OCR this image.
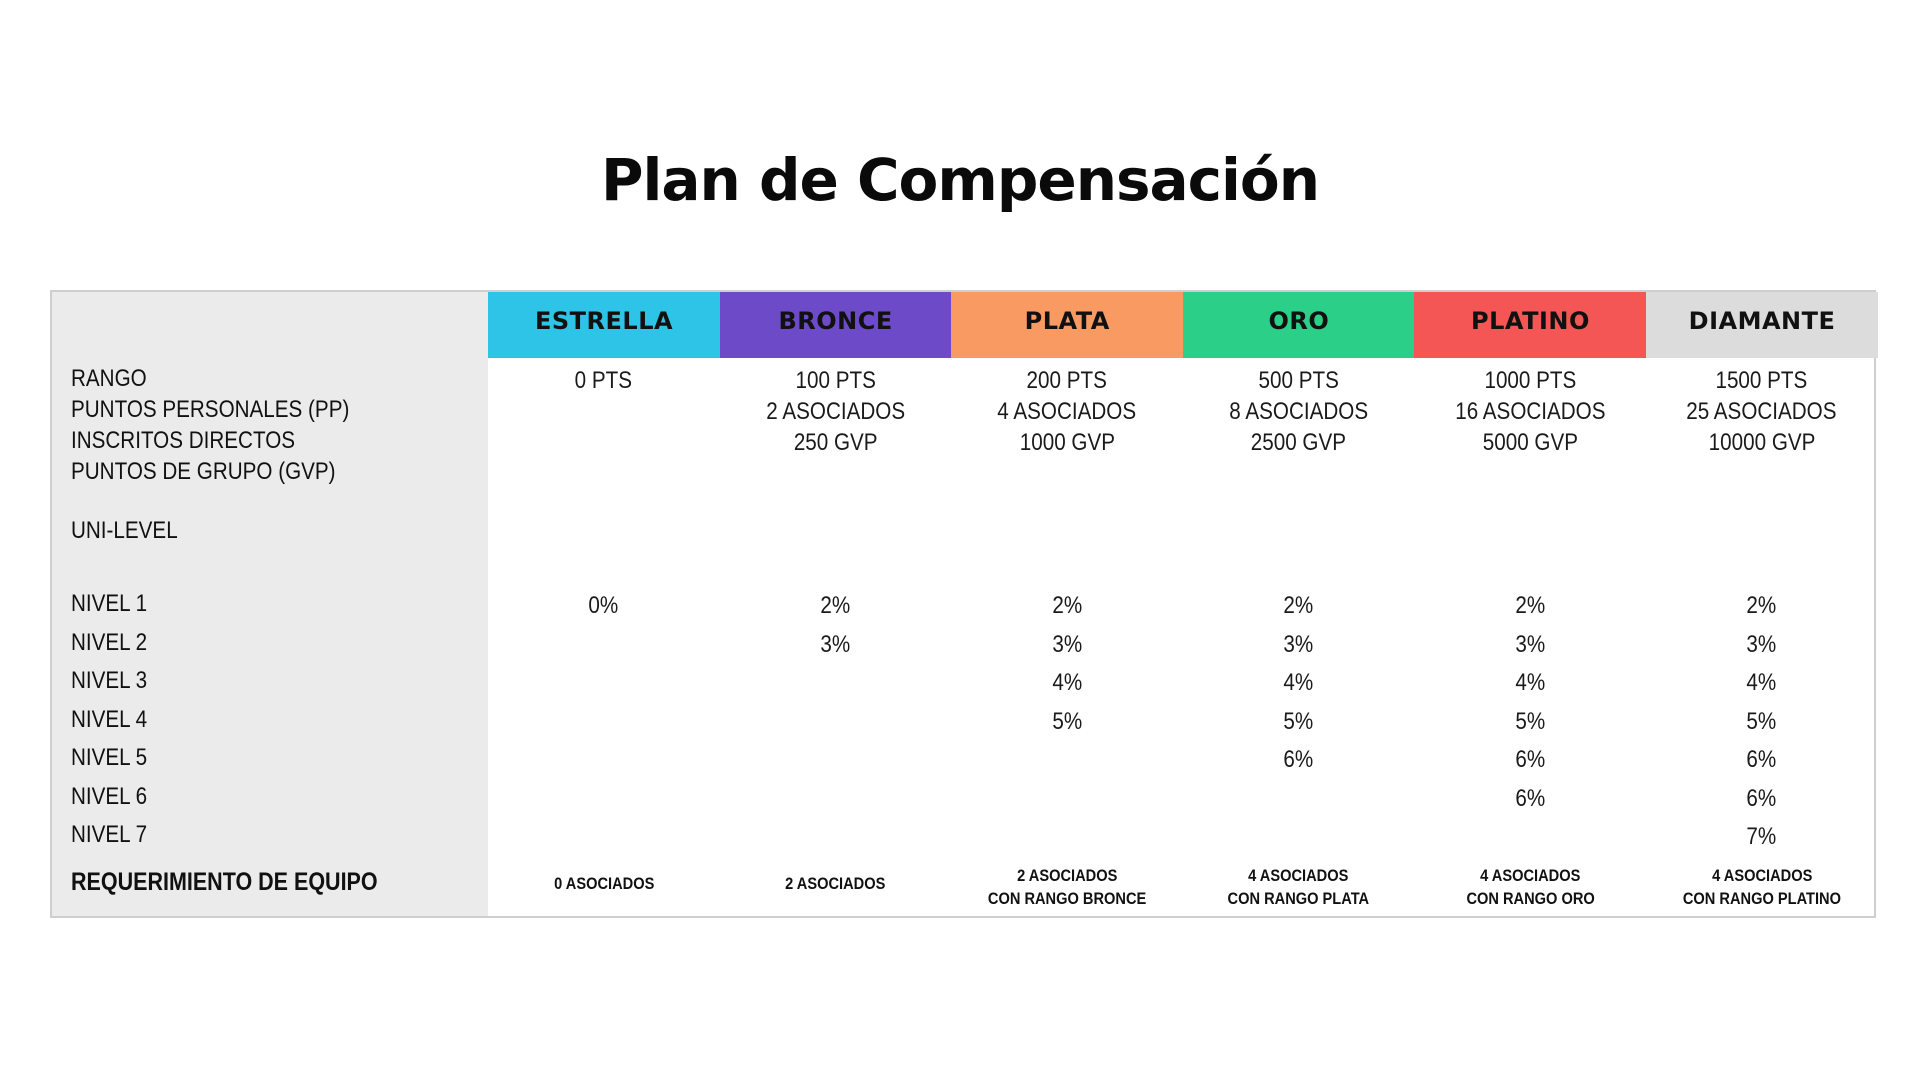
Plan de Compensación
RANGO
PUNTOS PERSONALES (PP)
INSCRITOS DIRECTOS
PUNTOS DE GRUPO (GVP)
UNI-LEVEL
NIVEL 1
NIVEL 2
NIVEL 3
NIVEL 4
NIVEL 5
NIVEL 6
NIVEL 7
REQUERIMIENTO DE EQUIPO
ESTRELLA
0 PTS
0%
0 ASOCIADOS
BRONCE
100 PTS
2 ASOCIADOS
250 GVP
2%
3%
2 ASOCIADOS
PLATA
200 PTS
4 ASOCIADOS
1000 GVP
2%
3%
4%
5%
2 ASOCIADOS
CON RANGO BRONCE
ORO
500 PTS
8 ASOCIADOS
2500 GVP
2%
3%
4%
5%
6%
4 ASOCIADOS
CON RANGO PLATA
PLATINO
1000 PTS
16 ASOCIADOS
5000 GVP
2%
3%
4%
5%
6%
6%
4 ASOCIADOS
CON RANGO ORO
DIAMANTE
1500 PTS
25 ASOCIADOS
10000 GVP
2%
3%
4%
5%
6%
6%
7%
4 ASOCIADOS
CON RANGO PLATINO
